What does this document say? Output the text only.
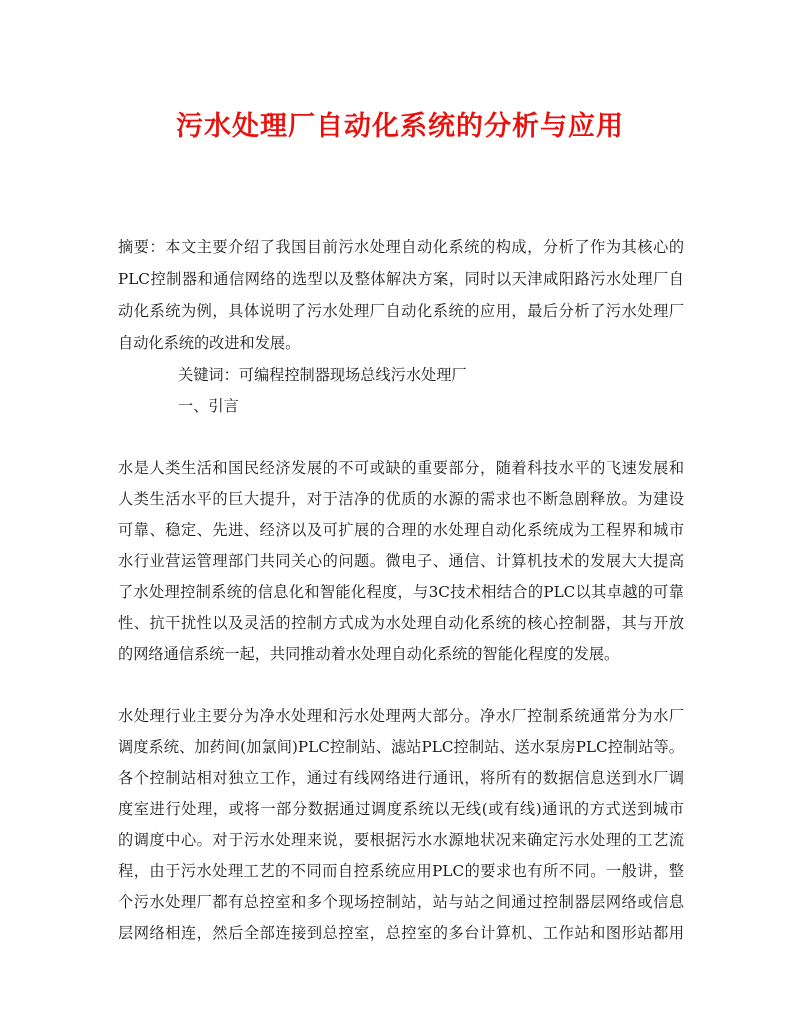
污水处理厂自动化系统的分析与应用

摘要：本文主要介绍了我国目前污水处理自动化系统的构成，分析了作为其核心的

PLC控制器和通信网络的选型以及整体解决方案，同时以天津咸阳路污水处理厂自

动化系统为例，具体说明了污水处理厂自动化系统的应用，最后分析了污水处理厂

自动化系统的改进和发展。

关键词：可编程控制器现场总线污水处理厂

一、引言

水是人类生活和国民经济发展的不可或缺的重要部分，随着科技水平的飞速发展和

人类生活水平的巨大提升，对于洁净的优质的水源的需求也不断急剧释放。为建设

可靠、稳定、先进、经济以及可扩展的合理的水处理自动化系统成为工程界和城市

水行业营运管理部门共同关心的问题。微电子、通信、计算机技术的发展大大提高

了水处理控制系统的信息化和智能化程度，与3C技术相结合的PLC以其卓越的可靠

性、抗干扰性以及灵活的控制方式成为水处理自动化系统的核心控制器，其与开放

的网络通信系统一起，共同推动着水处理自动化系统的智能化程度的发展。

水处理行业主要分为净水处理和污水处理两大部分。净水厂控制系统通常分为水厂

调度系统、加药间(加氯间)PLC控制站、滤站PLC控制站、送水泵房PLC控制站等。

各个控制站相对独立工作，通过有线网络进行通讯，将所有的数据信息送到水厂调

度室进行处理，或将一部分数据通过调度系统以无线(或有线)通讯的方式送到城市

的调度中心。对于污水处理来说，要根据污水水源地状况来确定污水处理的工艺流

程，由于污水处理工艺的不同而自控系统应用PLC的要求也有所不同。一般讲，整

个污水处理厂都有总控室和多个现场控制站，站与站之间通过控制器层网络或信息

层网络相连，然后全部连接到总控室，总控室的多台计算机、工作站和图形站都用
